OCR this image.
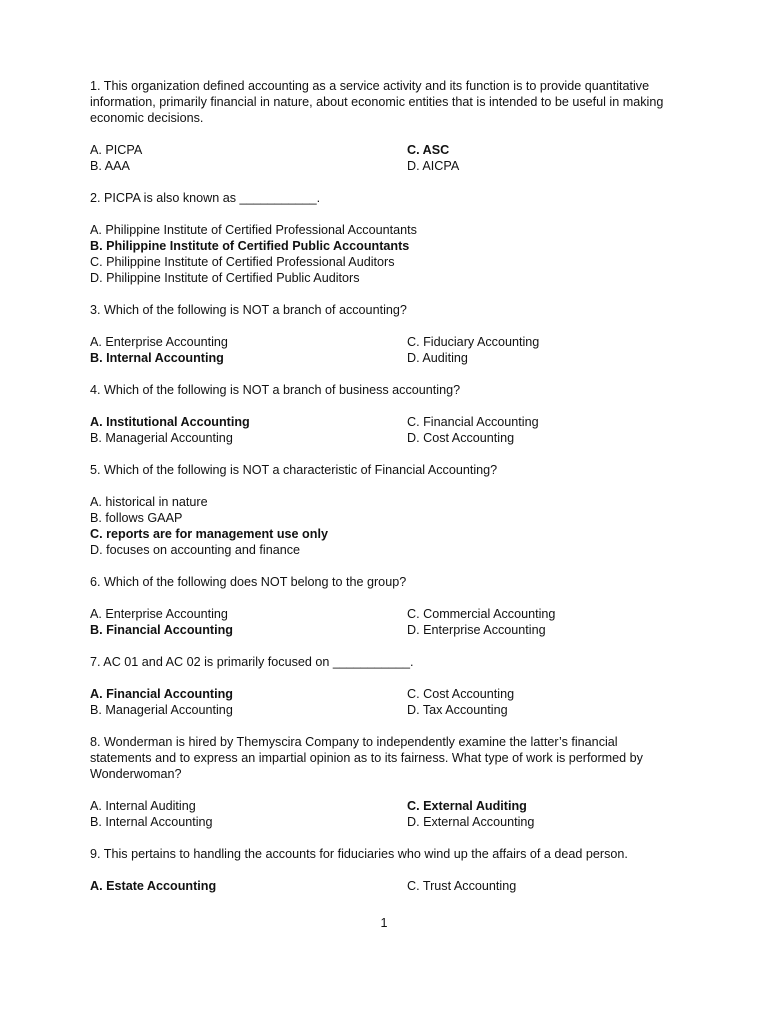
1. This organization defined accounting as a service activity and its function is to provide quantitative information, primarily financial in nature, about economic entities that is intended to be useful in making economic decisions.
A. PICPA	C. ASC
B. AAA	D. AICPA
2. PICPA is also known as ___________.
A. Philippine Institute of Certified Professional Accountants
B. Philippine Institute of Certified Public Accountants
C. Philippine Institute of Certified Professional Auditors
D. Philippine Institute of Certified Public Auditors
3. Which of the following is NOT a branch of accounting?
A. Enterprise Accounting	C. Fiduciary Accounting
B. Internal Accounting	D. Auditing
4. Which of the following is NOT a branch of business accounting?
A. Institutional Accounting	C. Financial Accounting
B. Managerial Accounting	D. Cost Accounting
5. Which of the following is NOT a characteristic of Financial Accounting?
A. historical in nature
B. follows GAAP
C. reports are for management use only
D. focuses on accounting and finance
6. Which of the following does NOT belong to the group?
A. Enterprise Accounting	C. Commercial Accounting
B. Financial Accounting	D. Enterprise Accounting
7. AC 01 and AC 02 is primarily focused on ___________.
A. Financial Accounting	C. Cost Accounting
B. Managerial Accounting	D. Tax Accounting
8. Wonderman is hired by Themyscira Company to independently examine the latter’s financial statements and to express an impartial opinion as to its fairness. What type of work is performed by Wonderwoman?
A. Internal Auditing	C. External Auditing
B. Internal Accounting	D. External Accounting
9. This pertains to handling the accounts for fiduciaries who wind up the affairs of a dead person.
A. Estate Accounting	C. Trust Accounting
1
